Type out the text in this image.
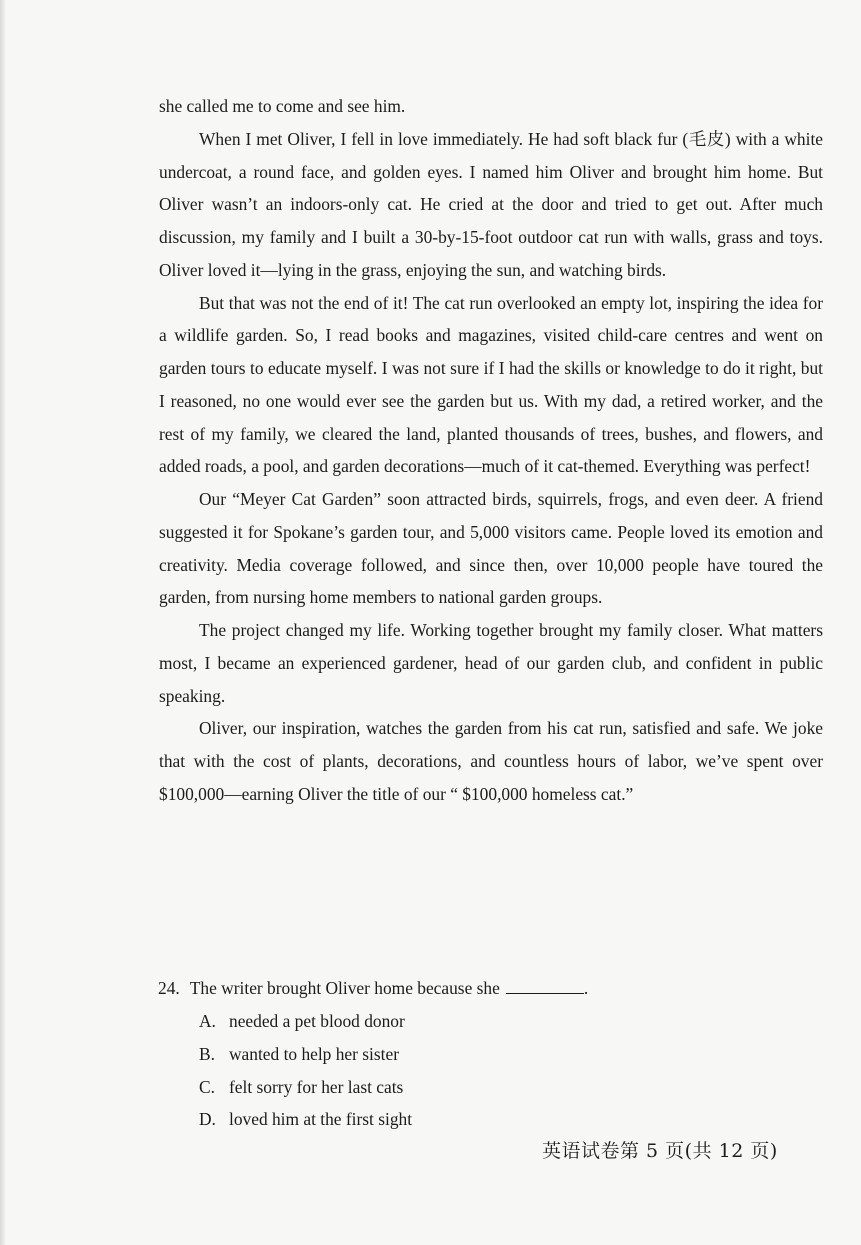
she called me to come and see him.

When I met Oliver, I fell in love immediately. He had soft black fur (毛皮) with a white undercoat, a round face, and golden eyes. I named him Oliver and brought him home. But Oliver wasn’t an indoors-only cat. He cried at the door and tried to get out. After much discussion, my family and I built a 30-by-15-foot outdoor cat run with walls, grass and toys. Oliver loved it—lying in the grass, enjoying the sun, and watching birds.

But that was not the end of it! The cat run overlooked an empty lot, inspiring the idea for a wildlife garden. So, I read books and magazines, visited child-care centres and went on garden tours to educate myself. I was not sure if I had the skills or knowledge to do it right, but I reasoned, no one would ever see the garden but us. With my dad, a retired worker, and the rest of my family, we cleared the land, planted thousands of trees, bushes, and flowers, and added roads, a pool, and garden decorations—much of it cat-themed. Everything was perfect!

Our “Meyer Cat Garden” soon attracted birds, squirrels, frogs, and even deer. A friend suggested it for Spokane’s garden tour, and 5,000 visitors came. People loved its emotion and creativity. Media coverage followed, and since then, over 10,000 people have toured the garden, from nursing home members to national garden groups.

The project changed my life. Working together brought my family closer. What matters most, I became an experienced gardener, head of our garden club, and confident in public speaking.

Oliver, our inspiration, watches the garden from his cat run, satisfied and safe. We joke that with the cost of plants, decorations, and countless hours of labor, we’ve spent over $100,000—earning Oliver the title of our “ $100,000 homeless cat.”

24. The writer brought Oliver home because she	.
A. needed a pet blood donor
B. wanted to help her sister
C. felt sorry for her last cats
D. loved him at the first sight
英语试卷第 5 页(共 12 页)
